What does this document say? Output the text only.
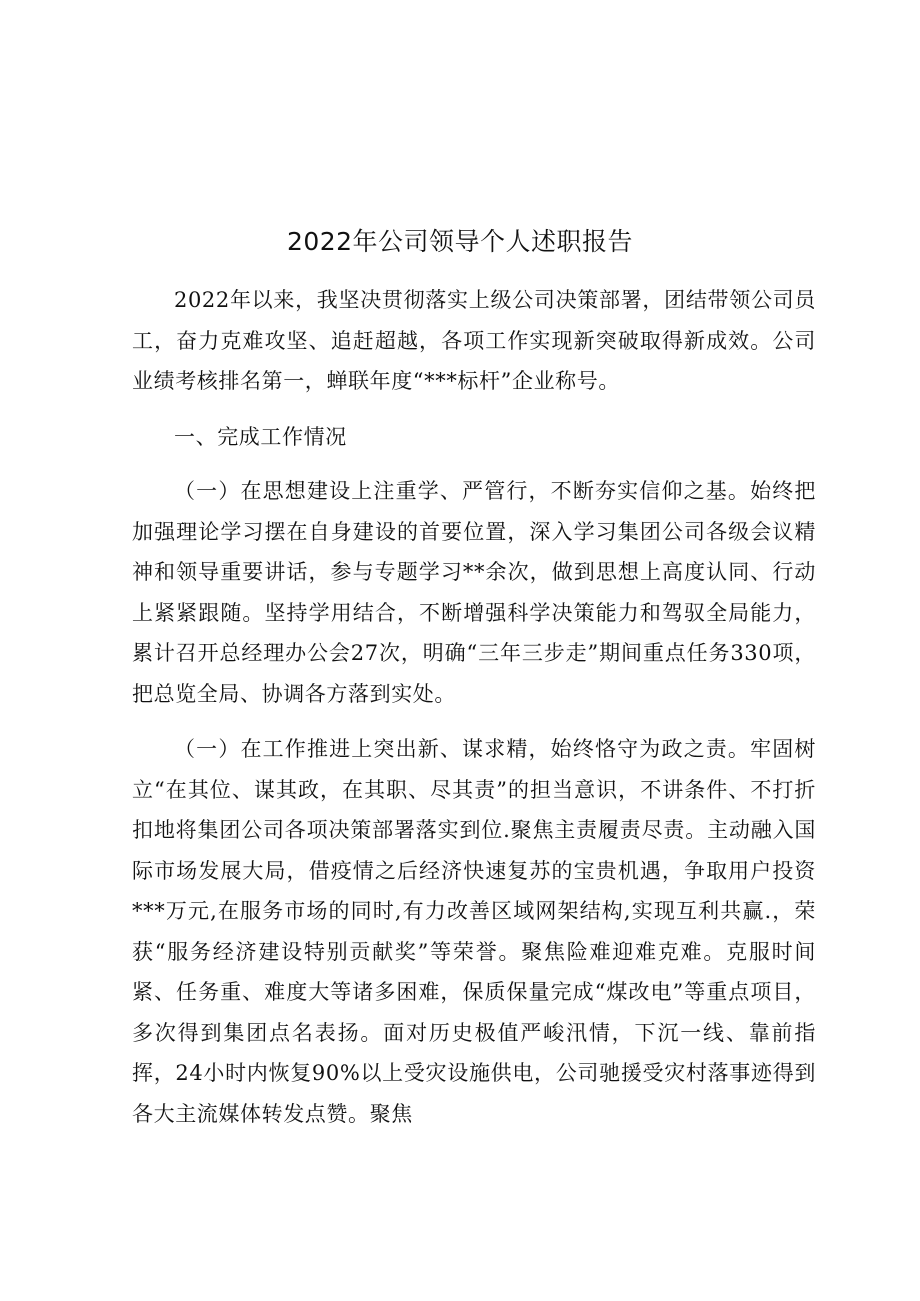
2022年公司领导个人述职报告

2022年以来，我坚决贯彻落实上级公司决策部署，团结带领公司员工，奋力克难攻坚、追赶超越，各项工作实现新突破取得新成效。公司业绩考核排名第一，蝉联年度“***标杆”企业称号。

一、完成工作情况

（一）在思想建设上注重学、严管行，不断夯实信仰之基。始终把加强理论学习摆在自身建设的首要位置，深入学习集团公司各级会议精神和领导重要讲话，参与专题学习**余次，做到思想上高度认同、行动上紧紧跟随。坚持学用结合，不断增强科学决策能力和驾驭全局能力，累计召开总经理办公会27次，明确“三年三步走”期间重点任务330项，把总览全局、协调各方落到实处。

（一）在工作推进上突出新、谋求精，始终恪守为政之责。牢固树立“在其位、谋其政，在其职、尽其责”的担当意识，不讲条件、不打折扣地将集团公司各项决策部署落实到位.聚焦主责履责尽责。主动融入国际市场发展大局，借疫情之后经济快速复苏的宝贵机遇，争取用户投资***万元,在服务市场的同时,有力改善区域网架结构,实现互利共赢.，荣获“服务经济建设特别贡献奖”等荣誉。聚焦险难迎难克难。克服时间紧、任务重、难度大等诸多困难，保质保量完成“煤改电”等重点项目，多次得到集团点名表扬。面对历史极值严峻汛情，下沉一线、靠前指挥，24小时内恢复90%以上受灾设施供电，公司驰援受灾村落事迹得到各大主流媒体转发点赞。聚焦
